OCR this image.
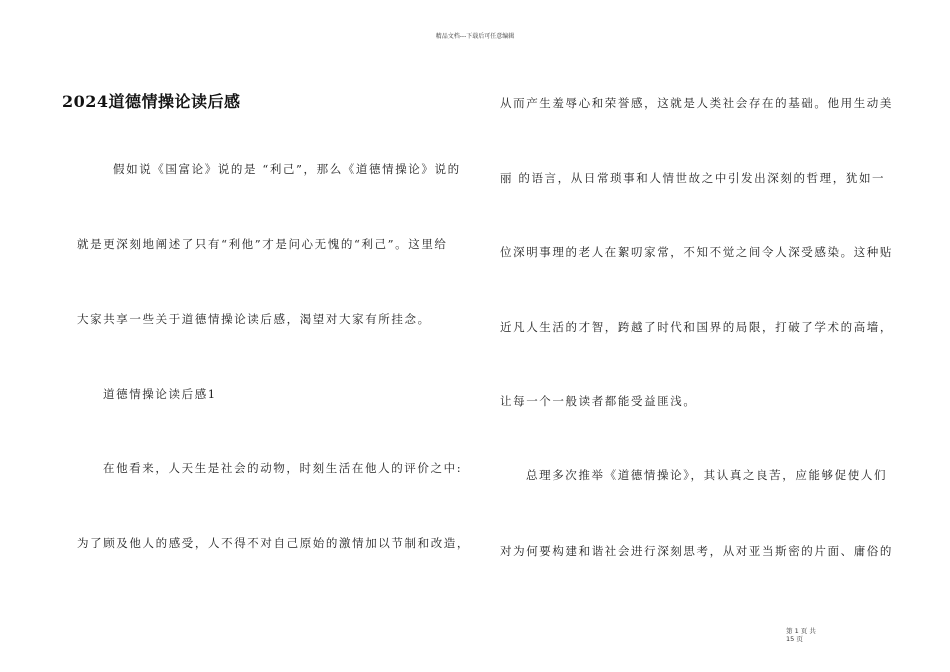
精品文档---下载后可任意编辑
2024道德情操论读后感
假如说《国富论》说的是 “利己”，那么《道德情操论》说的
就是更深刻地阐述了只有“利他”才是问心无愧的“利己”。这里给
大家共享一些关于道德情操论读后感，渴望对大家有所挂念。
道德情操论读后感1
在他看来，人天生是社会的动物，时刻生活在他人的评价之中:
为了顾及他人的感受，人不得不对自己原始的激情加以节制和改造，
从而产生羞辱心和荣誉感，这就是人类社会存在的基础。他用生动美
丽 的语言，从日常琐事和人情世故之中引发出深刻的哲理，犹如一
位深明事理的老人在絮叨家常，不知不觉之间令人深受感染。这种贴
近凡人生活的才智，跨越了时代和国界的局限，打破了学术的高墙，
让每一个一般读者都能受益匪浅。
总理多次推举《道德情操论》，其认真之良苦，应能够促使人们
对为何要构建和谐社会进行深刻思考，从对亚当斯密的片面、庸俗的
第 1 页 共 15 页
